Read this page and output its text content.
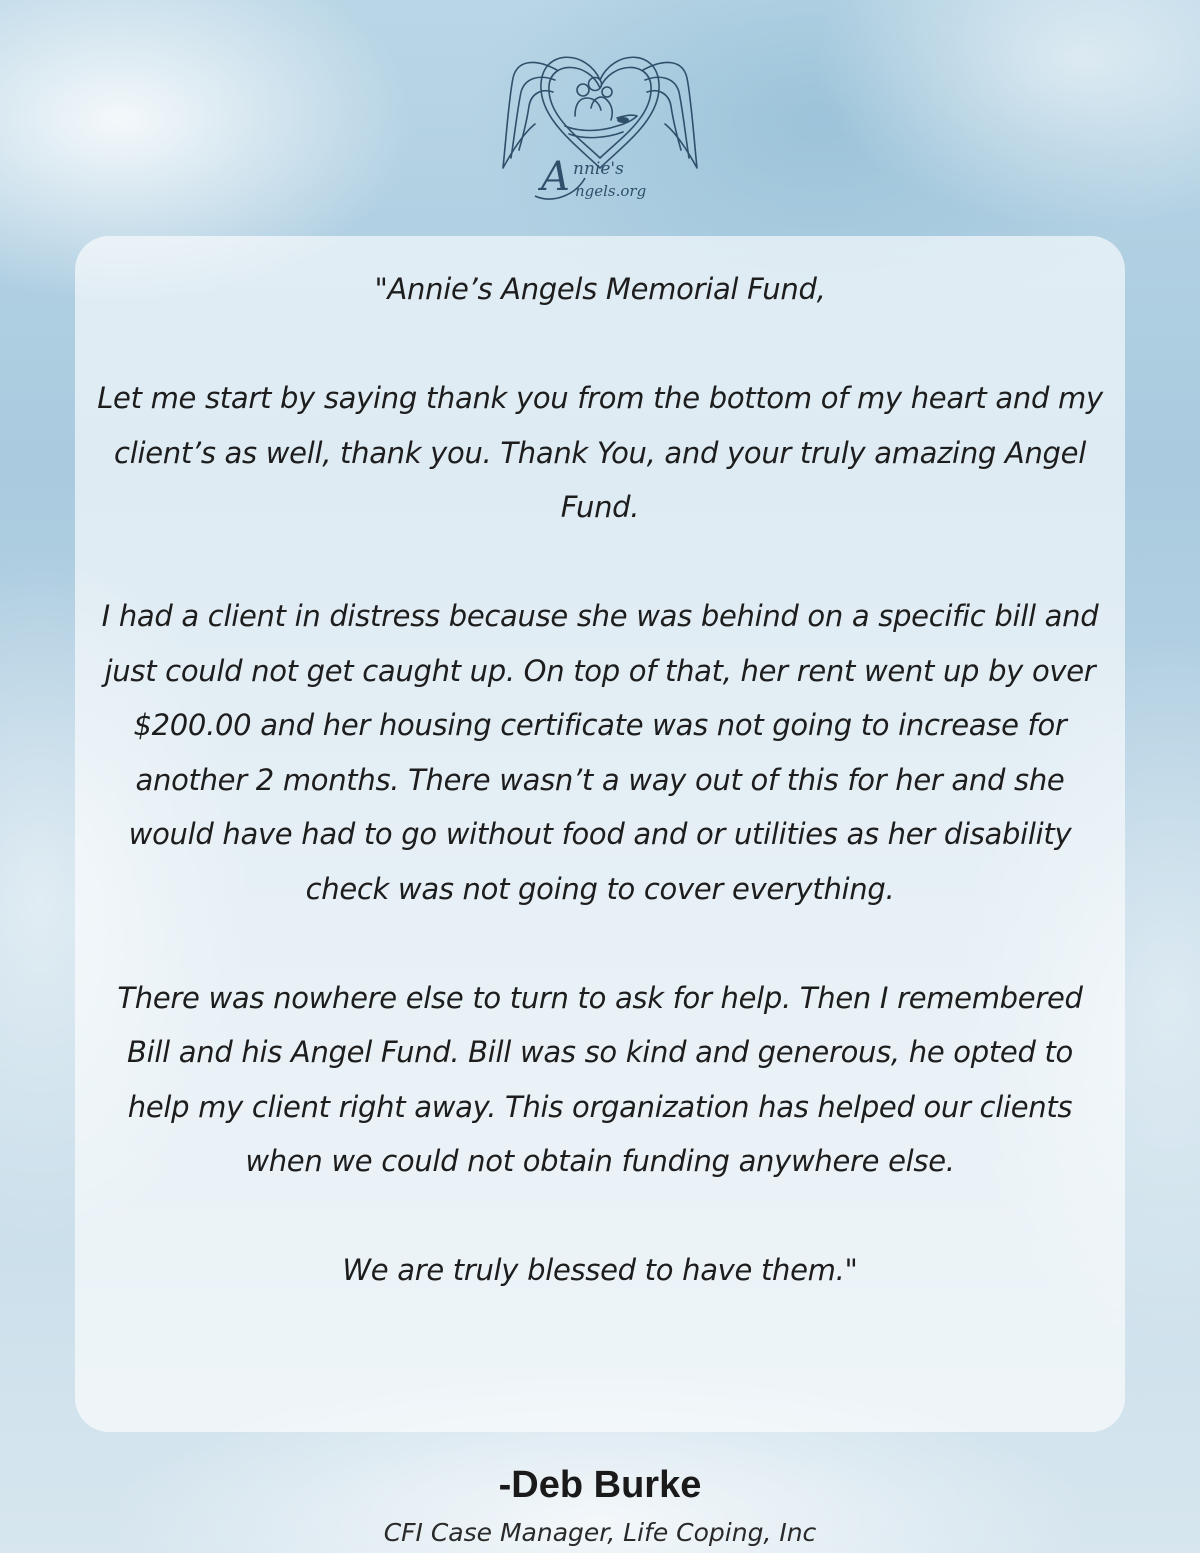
A nnie's
ngels.org

"Annie’s Angels Memorial Fund,

Let me start by saying thank you from the bottom of my heart and my client’s as well, thank you. Thank You, and your truly amazing Angel Fund.

I had a client in distress because she was behind on a specific bill and just could not get caught up. On top of that, her rent went up by over $200.00 and her housing certificate was not going to increase for another 2 months. There wasn’t a way out of this for her and she would have had to go without food and or utilities as her disability check was not going to cover everything.

There was nowhere else to turn to ask for help. Then I remembered Bill and his Angel Fund. Bill was so kind and generous, he opted to help my client right away. This organization has helped our clients when we could not obtain funding anywhere else.

We are truly blessed to have them."

-Deb Burke
CFI Case Manager, Life Coping, Inc
